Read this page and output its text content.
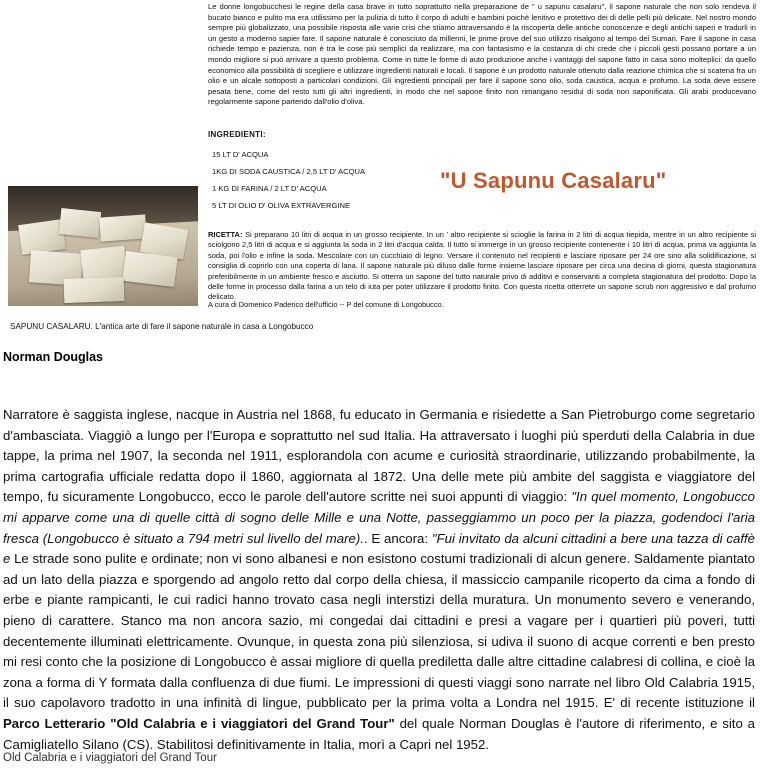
Le donne longobucchesi le regine della casa brave in tutto soprattutto nella preparazione de " u sapunu casalaru", il sapone naturale che non solo rendeva il bucato bianco e pulito ma era utilissimo per la pulizia di tutto il corpo di adulti e bambini poichè lenitivo e protettivo dei di delle pelli più delicate. Nel nostro mondo sempre più globalizzato, una possibile risposta alle varie crisi che stiamo attraversando è la riscoperta delle antiche conoscenze e degli antichi saperi e tradurli in un gesto a moderno sapier fare. Il sapone naturale è conosciuto da millenni, le prime prove del suo utilizzo risalgono al tempo dei Sumari. Fare il sapone in casa richiede tempo e pazienza, non è tra le cose più semplici da realizzare, ma con fantasismo e la costanza di chi crede che i piccoli gesti possano portare a un mondo migliore si può arrivare a questo problema. Come in tutte le forme di auto produzione anche i vantaggi del sapone fatto in casa sono molteplici: da quello economico alla possibilità di scegliere e utilizzare ingredienti naturali e locali. Il sapone è un prodotto naturale ottenuto dalla reazione chimica che si scatena fra un olio e un alcale sottoposti a particolari condizioni. Gli ingredienti principali per fare il sapone sono olio, soda caustica, acqua e profumo. La soda deve essere pesata bene, come del resto tutti gli altri ingredienti, in modo che nel sapone finito non rimangano residui di soda non saponificata. Gli arabi producevano regolarmente sapone partendo dall'olio d'oliva.
INGREDIENTI:
15 LT D' ACQUA
1KG DI SODA CAUSTICA / 2,5 LT D' ACQUA
1 KG DI FARINA / 2 LT D' ACQUA
5 LT DI OLIO D' OLIVA EXTRAVERGINE
"U Sapunu Casalaru"
RICETTA: Si preparano 10 litri di acqua in un grosso recipiente. In un ' altro recipiente si scioglie la farina in 2 litri di acqua tiepida, mentre in un altro recipiente si sciolgono 2,5 litri di acqua e si aggiunta la soda in 2 litri d'acqua calda. Il tutto si immerge in un grosso recipiente contenente i 10 litri di acqua, prima va aggiunta la soda, poi l'olio e infine la soda. Mescolare con un cucchiaio di legno. Versare il contenuto nel recipienti e lasciare riposare per 24 ore sino alla solidificazione, si consiglia di coprirlo con una coperta di lana. Il sapone naturale più diluso dalle forme insieme lasciare riposare per circa una decina di giorni, questa stagionatura preferibilmente in un ambiente fresco e asciutto. Si otterra un sapone del tutto naturale privo di additivi e conservanti a completa stagionatura del prodotto. Dopo la delle forme in processo dalla farina a un telo di iuta per poter utilizzare il prodotto finito. Con questa ricetta otterrete un sapone scrub non aggressivo e dal profumo delicato.
A cura di Domenico Paderico dell'ufficio -- P del comune di Longobucco.
SAPUNU CASALARU. L'antica arte di fare il sapone naturale in casa a Longobucco
Norman Douglas
Narratore è saggista inglese, nacque in Austria nel 1868, fu educato in Germania e risiedette a San Pietroburgo come segretario d'ambasciata. Viaggiò a lungo per l'Europa e soprattutto nel sud Italia. Ha attraversato i luoghi più sperduti della Calabria in due tappe, la prima nel 1907, la seconda nel 1911, esplorandola con acume e curiosità straordinarie, utilizzando probabilmente, la prima cartografia ufficiale redatta dopo il 1860, aggiornata al 1872. Una delle mete più ambite del saggista e viaggiatore del tempo, fu sicuramente Longobucco, ecco le parole dell'autore scritte nei suoi appunti di viaggio: "In quel momento, Longobucco mi apparve come una di quelle città di sogno delle Mille e una Notte, passeggiammo un poco per la piazza, godendoci l'aria fresca (Longobucco è situato a 794 metri sul livello del mare).. E ancora: "Fui invitato da alcuni cittadini a bere una tazza di caffè e Le strade sono pulite e ordinate; non vi sono albanesi e non esistono costumi tradizionali di alcun genere. Saldamente piantato ad un lato della piazza e sporgendo ad angolo retto dal corpo della chiesa, il massiccio campanile ricoperto da cima a fondo di erbe e piante rampicanti, le cui radici hanno trovato casa negli interstizi della muratura. Un monumento severo e venerando, pieno di carattere. Stanco ma non ancora sazio, mi congedai dai cittadini e presi a vagare per i quartieri più poveri, tutti decentemente illuminati elettricamente. Ovunque, in questa zona più silenziosa, si udiva il suono di acque correnti e ben presto mi resi conto che la posizione di Longobucco è assai migliore di quella prediletta dalle altre cittadine calabresi di collina, e cioè la zona a forma di Y formata dalla confluenza di due fiumi. Le impressioni di questi viaggi sono narrate nel libro Old Calabria 1915, il suo capolavoro tradotto in una infinità di lingue, pubblicato per la prima volta a Londra nel 1915. E' di recente istituzione il Parco Letterario "Old Calabria e i viaggiatori del Grand Tour" del quale Norman Douglas è l'autore di riferimento, e sito a Camigliatello Silano (CS). Stabilitosi definitivamente in Italia, morì a Capri nel 1952.
Old Calabria e i viaggiatori del Grand Tour
